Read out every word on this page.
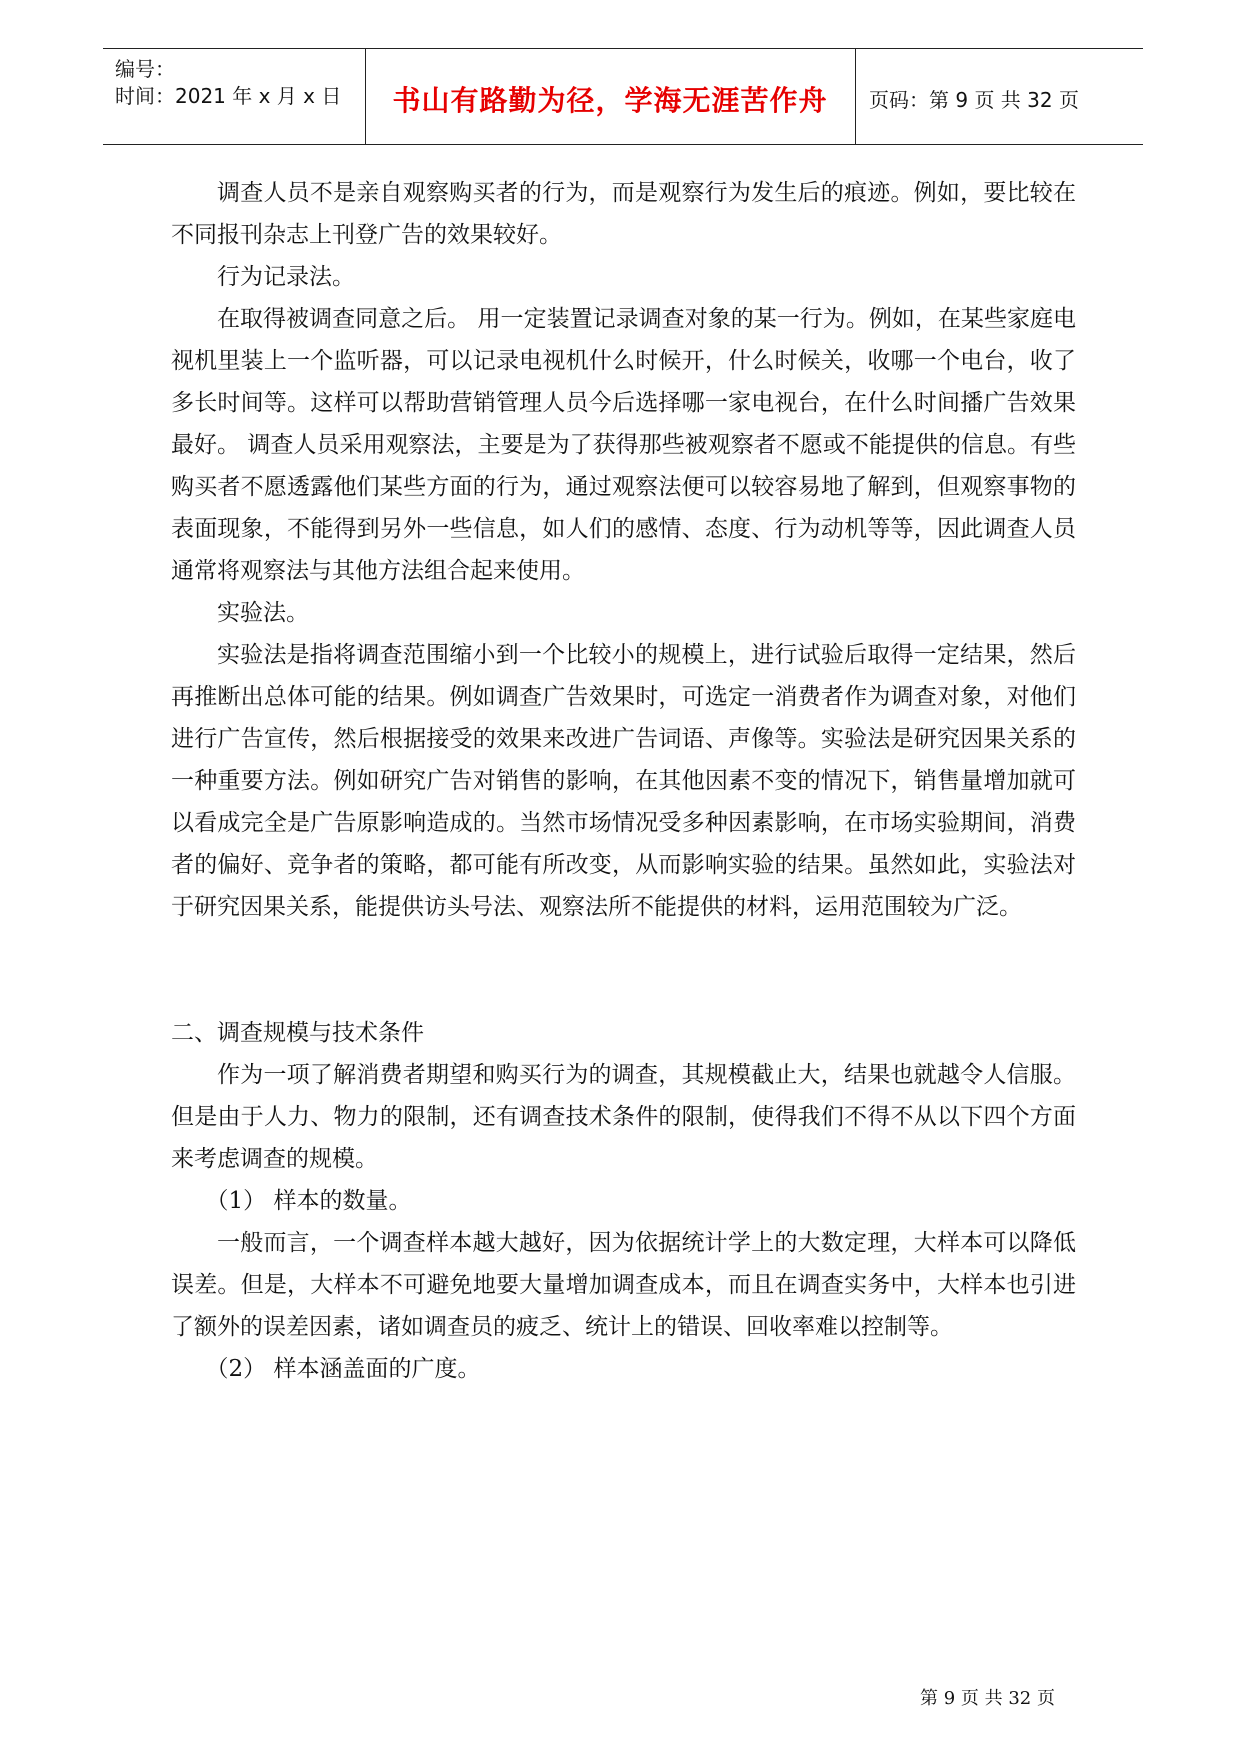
编号：
时间：2021 年 x 月 x 日	书山有路勤为径，学海无涯苦作舟	页码：第 9 页 共 32 页

调查人员不是亲自观察购买者的行为，而是观察行为发生后的痕迹。例如，要比较在不同报刊杂志上刊登广告的效果较好。

行为记录法。

在取得被调查同意之后。 用一定装置记录调查对象的某一行为。例如，在某些家庭电视机里装上一个监听器，可以记录电视机什么时候开，什么时候关，收哪一个电台，收了多长时间等。这样可以帮助营销管理人员今后选择哪一家电视台，在什么时间播广告效果最好。 调查人员采用观察法，主要是为了获得那些被观察者不愿或不能提供的信息。有些购买者不愿透露他们某些方面的行为，通过观察法便可以较容易地了解到，但观察事物的表面现象，不能得到另外一些信息，如人们的感情、态度、行为动机等等，因此调查人员通常将观察法与其他方法组合起来使用。

实验法。

实验法是指将调查范围缩小到一个比较小的规模上，进行试验后取得一定结果，然后再推断出总体可能的结果。例如调查广告效果时，可选定一消费者作为调查对象，对他们进行广告宣传，然后根据接受的效果来改进广告词语、声像等。实验法是研究因果关系的一种重要方法。例如研究广告对销售的影响，在其他因素不变的情况下，销售量增加就可以看成完全是广告原影响造成的。当然市场情况受多种因素影响，在市场实验期间，消费者的偏好、竞争者的策略，都可能有所改变，从而影响实验的结果。虽然如此，实验法对于研究因果关系，能提供访头号法、观察法所不能提供的材料，运用范围较为广泛。

二、调查规模与技术条件

作为一项了解消费者期望和购买行为的调查，其规模截止大，结果也就越令人信服。但是由于人力、物力的限制，还有调查技术条件的限制，使得我们不得不从以下四个方面来考虑调查的规模。

（1） 样本的数量。

一般而言，一个调查样本越大越好，因为依据统计学上的大数定理，大样本可以降低误差。但是，大样本不可避免地要大量增加调查成本，而且在调查实务中，大样本也引进了额外的误差因素，诸如调查员的疲乏、统计上的错误、回收率难以控制等。

（2） 样本涵盖面的广度。

第 9 页 共 32 页
